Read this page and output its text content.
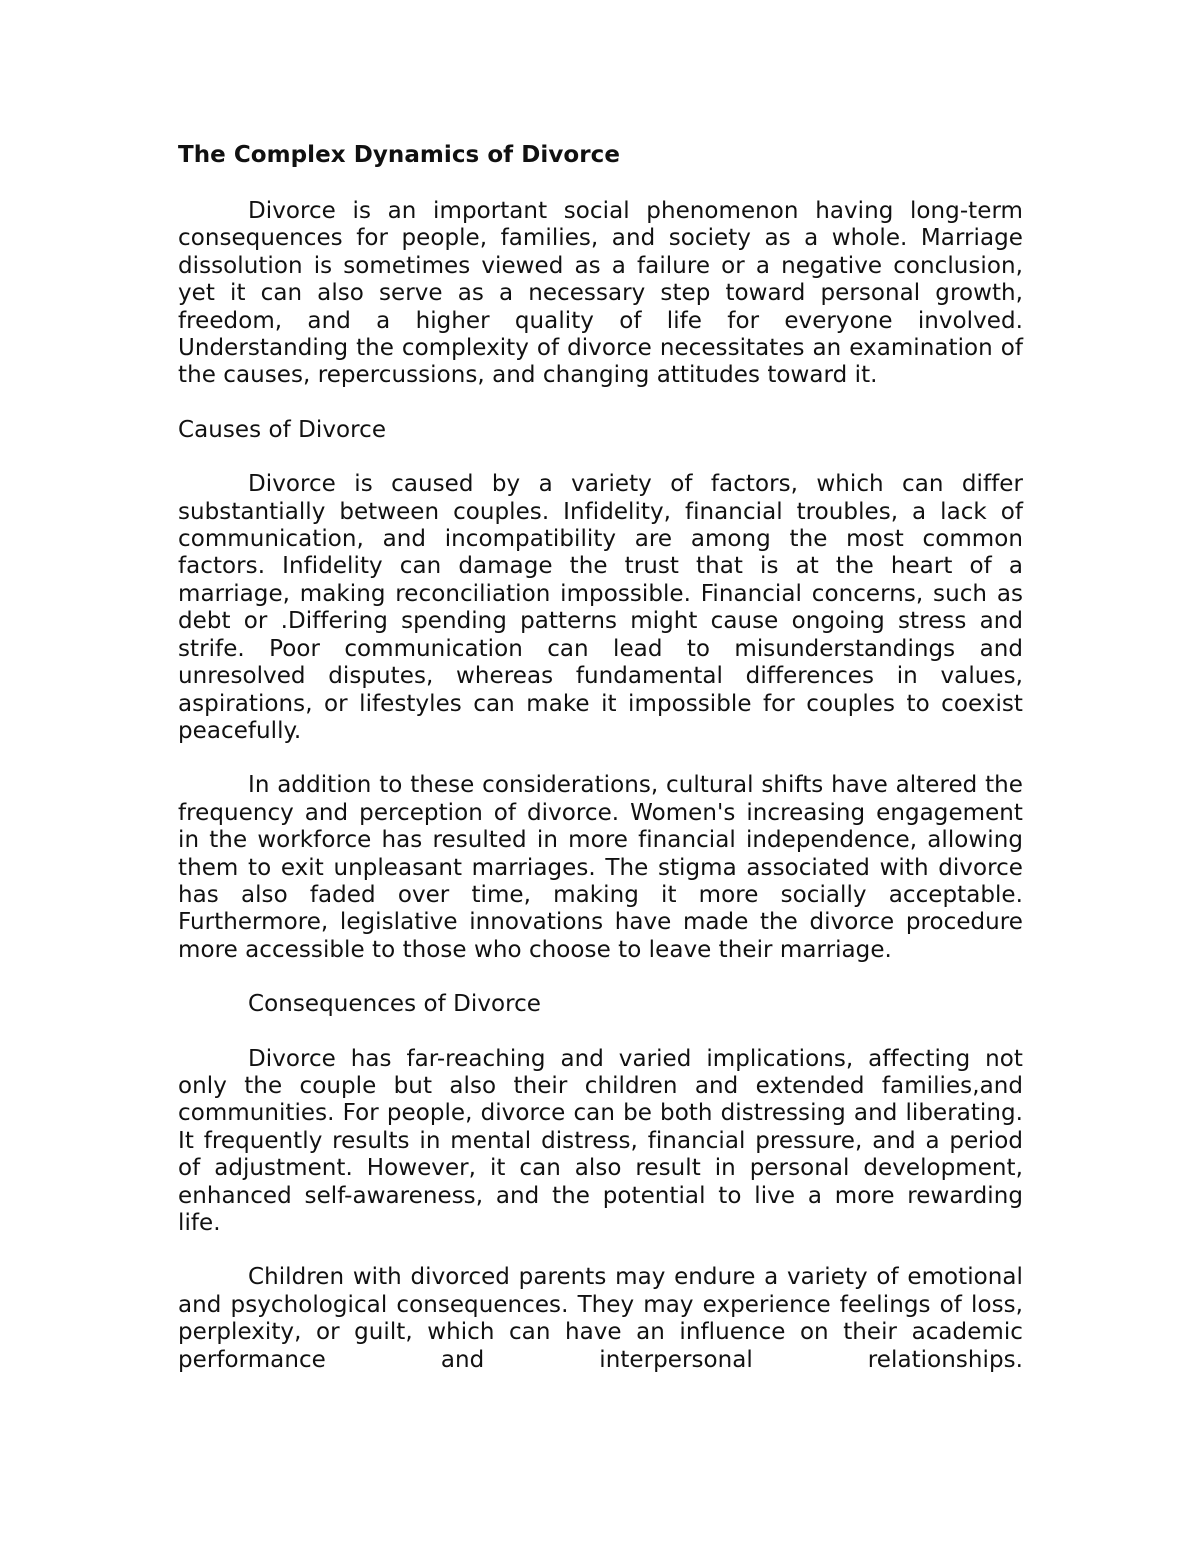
The Complex Dynamics of Divorce

Divorce is an important social phenomenon having long-term consequences for people, families, and society as a whole. Marriage dissolution is sometimes viewed as a failure or a negative conclusion, yet it can also serve as a necessary step toward personal growth, freedom, and a higher quality of life for everyone involved. Understanding the complexity of divorce necessitates an examination of the causes, repercussions, and changing attitudes toward it.

Causes of Divorce

Divorce is caused by a variety of factors, which can differ substantially between couples. Infidelity, financial troubles, a lack of communication, and incompatibility are among the most common factors. Infidelity can damage the trust that is at the heart of a marriage, making reconciliation impossible. Financial concerns, such as debt or .Differing spending patterns might cause ongoing stress and strife. Poor communication can lead to misunderstandings and unresolved disputes, whereas fundamental differences in values, aspirations, or lifestyles can make it impossible for couples to coexist peacefully.

In addition to these considerations, cultural shifts have altered the frequency and perception of divorce. Women's increasing engagement in the workforce has resulted in more financial independence, allowing them to exit unpleasant marriages. The stigma associated with divorce has also faded over time, making it more socially acceptable. Furthermore, legislative innovations have made the divorce procedure more accessible to those who choose to leave their marriage.

Consequences of Divorce

Divorce has far-reaching and varied implications, affecting not only the couple but also their children and extended families,and communities. For people, divorce can be both distressing and liberating. It frequently results in mental distress, financial pressure, and a period of adjustment. However, it can also result in personal development, enhanced self-awareness, and the potential to live a more rewarding life.

Children with divorced parents may endure a variety of emotional and psychological consequences. They may experience feelings of loss, perplexity, or guilt, which can have an influence on their academic performance and interpersonal relationships.
